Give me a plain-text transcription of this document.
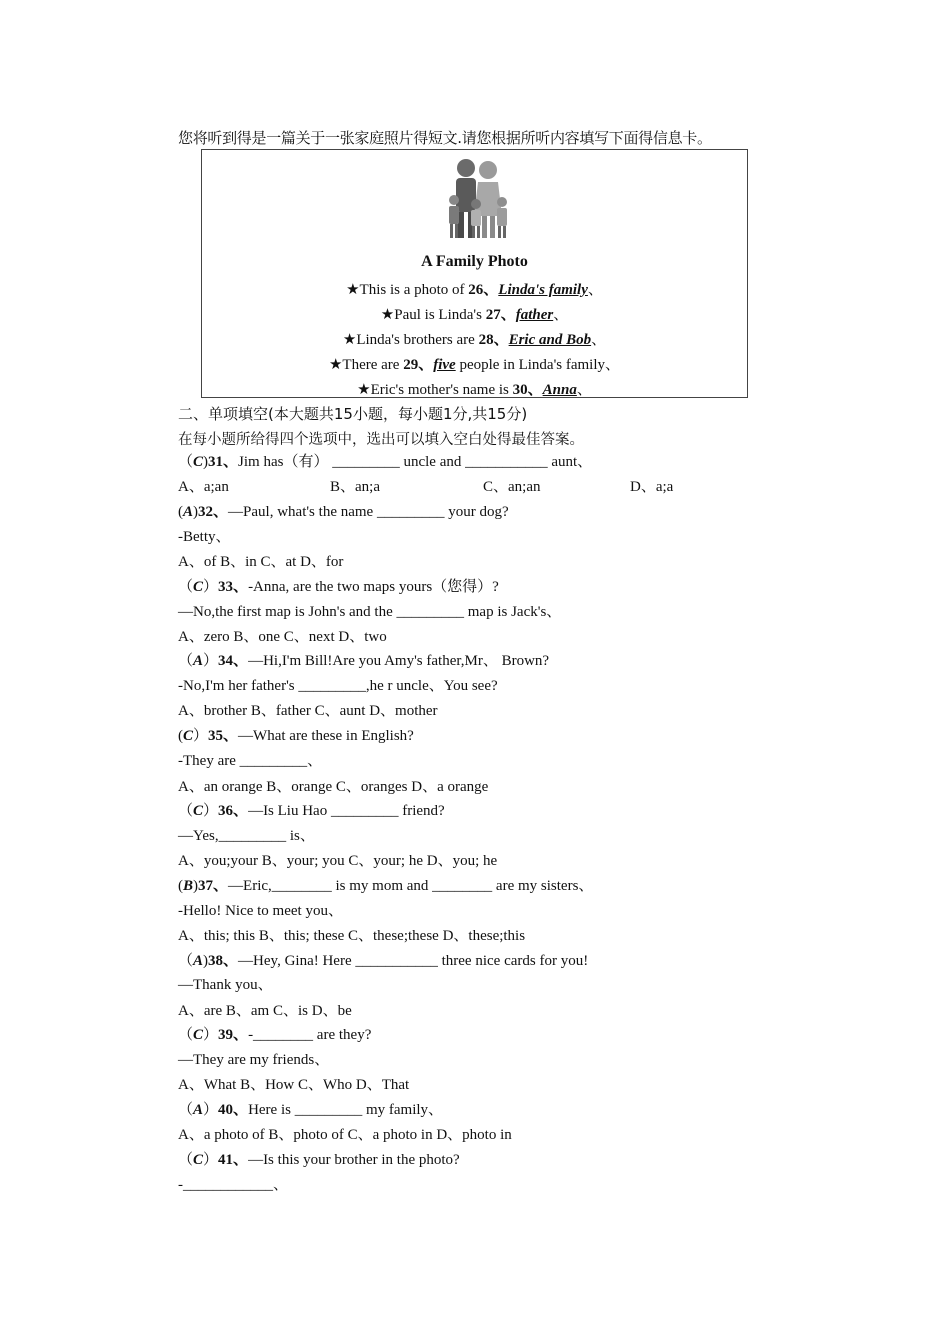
您将听到得是一篇关于一张家庭照片得短文.请您根据所听内容填写下面得信息卡。
A Family Photo
★This is a photo of 26、Linda's family、
★Paul is Linda's 27、father、
★Linda's brothers are 28、Eric and Bob、
★There are 29、five people in Linda's family、
★Eric's mother's name is 30、Anna、
二、单项填空(本大题共15小题，每小题1分,共15分)
在每小题所给得四个选项中，选出可以填入空白处得最佳答案。
（C)31、Jim has（有） _________ uncle and ___________ aunt、
A、a;an	B、an;a	C、an;an	D、a;a
(A)32、—Paul, what's the name _________ your dog?
-Betty、
A、of B、in C、at D、for
（C）33、-Anna, are the two maps yours（您得）?
—No,the first map is John's and the _________ map is Jack's、
A、zero B、one C、next D、two
（A）34、—Hi,I'm Bill!Are you Amy's father,Mr、 Brown?
-No,I'm her father's _________,he r uncle、You see?
A、brother B、father C、aunt D、mother
(C）35、—What are these in English?
-They are _________、
A、an orange B、orange C、oranges D、a orange
（C）36、—Is Liu Hao _________ friend?
—Yes,_________ is、
A、you;your B、your; you C、your; he D、you; he
(B)37、—Eric,________ is my mom and ________ are my sisters、
-Hello! Nice to meet you、
A、this; this B、this; these C、these;these D、these;this
（A)38、—Hey, Gina! Here ___________ three nice cards for you!
—Thank you、
A、are B、am C、is D、be
（C）39、-________ are they?
—They are my friends、
A、What B、How C、Who D、That
（A）40、Here is _________ my family、
A、a photo of B、photo of C、a photo in D、photo in
（C）41、—Is this your brother in the photo?
-____________、
